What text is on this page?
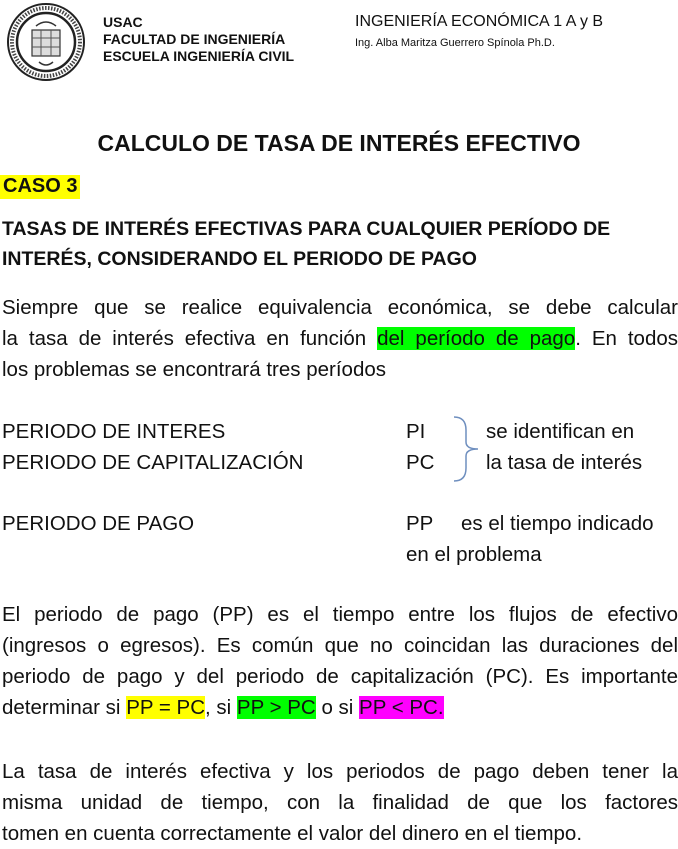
USAC
FACULTAD DE INGENIERÍA
ESCUELA INGENIERÍA CIVIL
INGENIERÍA ECONÓMICA 1 A y B
Ing. Alba Maritza Guerrero Spínola Ph.D.
CALCULO DE TASA DE INTERÉS EFECTIVO
CASO 3
TASAS DE INTERÉS EFECTIVAS PARA CUALQUIER PERÍODO DE
INTERÉS, CONSIDERANDO EL PERIODO DE PAGO
Siempre que se realice equivalencia económica, se debe calcular
la tasa de interés efectiva en función del período de pago. En todos
los problemas se encontrará tres períodos
PERIODO DE INTERES	PI
PERIODO DE CAPITALIZACIÓN	PC
se identifican en
la tasa de interés
PERIODO DE PAGO	PP es el tiempo indicado
en el problema
El periodo de pago (PP) es el tiempo entre los flujos de efectivo
(ingresos o egresos). Es común que no coincidan las duraciones del
periodo de pago y del periodo de capitalización (PC). Es importante
determinar si PP = PC, si PP > PC o si PP < PC.
La tasa de interés efectiva y los periodos de pago deben tener la
misma unidad de tiempo, con la finalidad de que los factores
tomen en cuenta correctamente el valor del dinero en el tiempo.
